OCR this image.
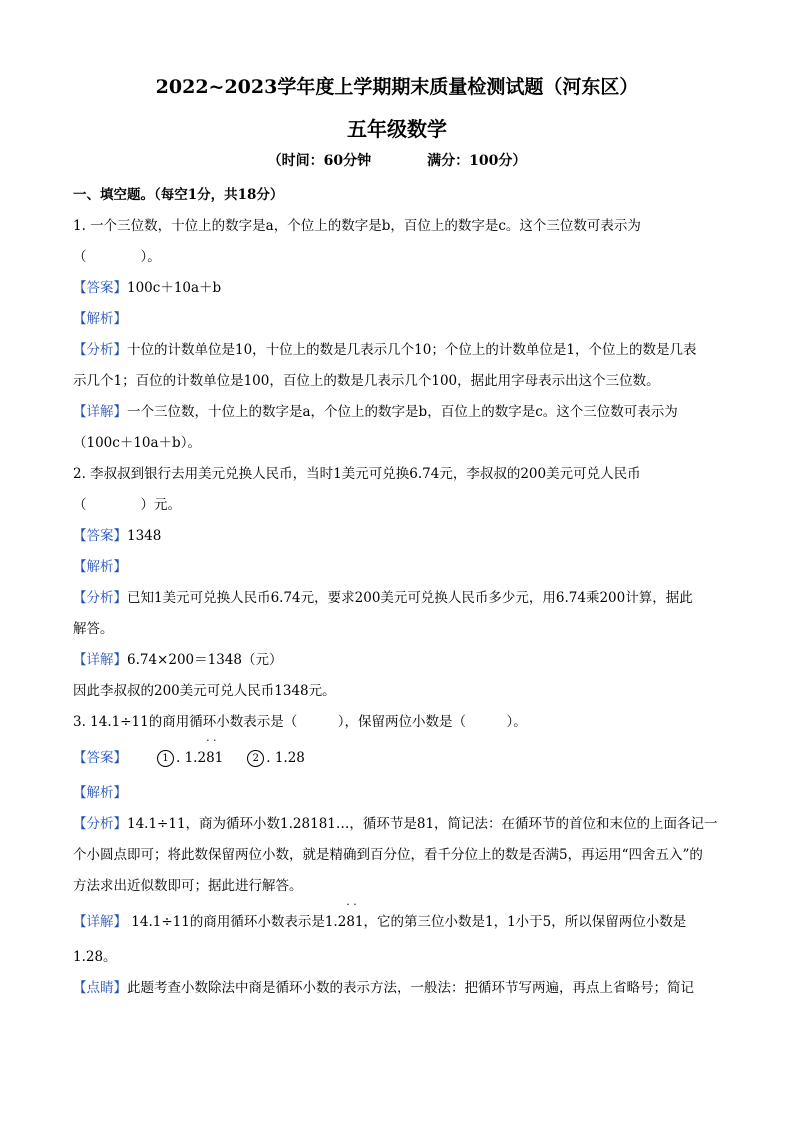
2022~2023学年度上学期期末质量检测试题（河东区）
五年级数学
（时间：60分钟	满分：100分）
一、填空题。（每空1分，共18分）
1. 一个三位数，十位上的数字是a，个位上的数字是b，百位上的数字是c。这个三位数可表示为
（　　　　）。
【答案】100c＋10a＋b
【解析】
【分析】十位的计数单位是10，十位上的数是几表示几个10；个位上的计数单位是1，个位上的数是几表
示几个1；百位的计数单位是100，百位上的数是几表示几个100，据此用字母表示出这个三位数。
【详解】一个三位数，十位上的数字是a，个位上的数字是b，百位上的数字是c。这个三位数可表示为
（100c＋10a＋b）。
2. 李叔叔到银行去用美元兑换人民币，当时1美元可兑换6.74元，李叔叔的200美元可兑人民币
（　　　　）元。
【答案】1348
【解析】
【分析】已知1美元可兑换人民币6.74元，要求200美元可兑换人民币多少元，用6.74乘200计算，据此
解答。
【详解】6.74×200＝1348（元）
因此李叔叔的200美元可兑人民币1348元。
3. 14.1÷11的商用循环小数表示是（　　　），保留两位小数是（　　　）。
【答案】	1 . 1.2
· ·
81	2 . 1.28
【解析】
【分析】14.1÷11，商为循环小数1.28181…，循环节是81，简记法：在循环节的首位和末位的上面各记一
个小圆点即可；将此数保留两位小数，就是精确到百分位，看千分位上的数是否满5，再运用“四舍五入”的
方法求出近似数即可；据此进行解答。
【详解】 14.1÷11的商用循环小数表示是1.2
· ·
81，它的第三位小数是1，1小于5，所以保留两位小数是
1.28。
【点睛】此题考查小数除法中商是循环小数的表示方法，一般法：把循环节写两遍，再点上省略号；简记
